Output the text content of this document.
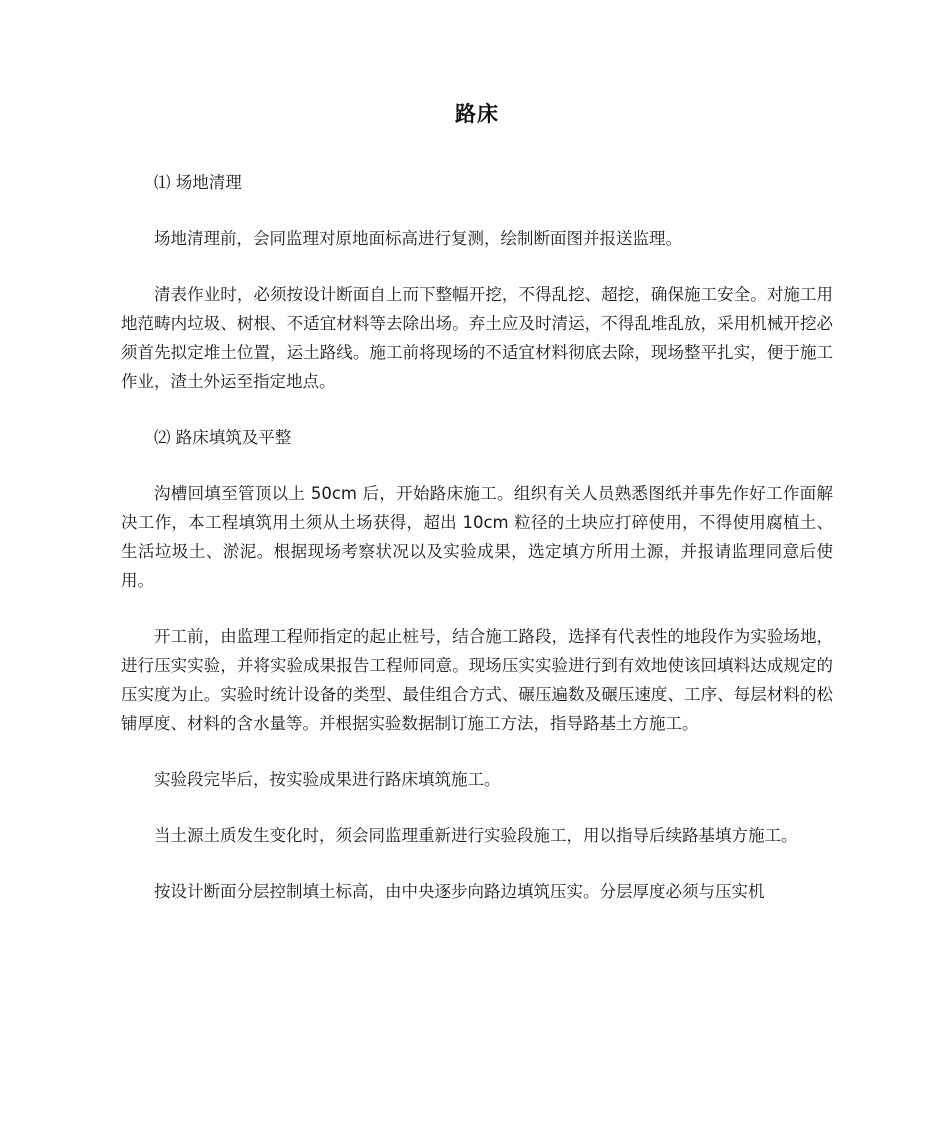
路床
⑴ 场地清理

场地清理前，会同监理对原地面标高进行复测，绘制断面图并报送监理。

清表作业时，必须按设计断面自上而下整幅开挖，不得乱挖、超挖，确保施工安全。对施工用地范畴内垃圾、树根、不适宜材料等去除出场。弃土应及时清运，不得乱堆乱放，采用机械开挖必须首先拟定堆土位置，运土路线。施工前将现场的不适宜材料彻底去除，现场整平扎实，便于施工作业，渣土外运至指定地点。

⑵ 路床填筑及平整

沟槽回填至管顶以上 50cm 后，开始路床施工。组织有关人员熟悉图纸并事先作好工作面解决工作，本工程填筑用土须从土场获得，超出 10cm 粒径的土块应打碎使用，不得使用腐植土、生活垃圾土、淤泥。根据现场考察状况以及实验成果，选定填方所用土源，并报请监理同意后使用。

开工前，由监理工程师指定的起止桩号，结合施工路段，选择有代表性的地段作为实验场地，进行压实实验，并将实验成果报告工程师同意。现场压实实验进行到有效地使该回填料达成规定的压实度为止。实验时统计设备的类型、最佳组合方式、碾压遍数及碾压速度、工序、每层材料的松铺厚度、材料的含水量等。并根据实验数据制订施工方法，指导路基土方施工。

实验段完毕后，按实验成果进行路床填筑施工。

当土源土质发生变化时，须会同监理重新进行实验段施工，用以指导后续路基填方施工。

按设计断面分层控制填土标高，由中央逐步向路边填筑压实。分层厚度必须与压实机
